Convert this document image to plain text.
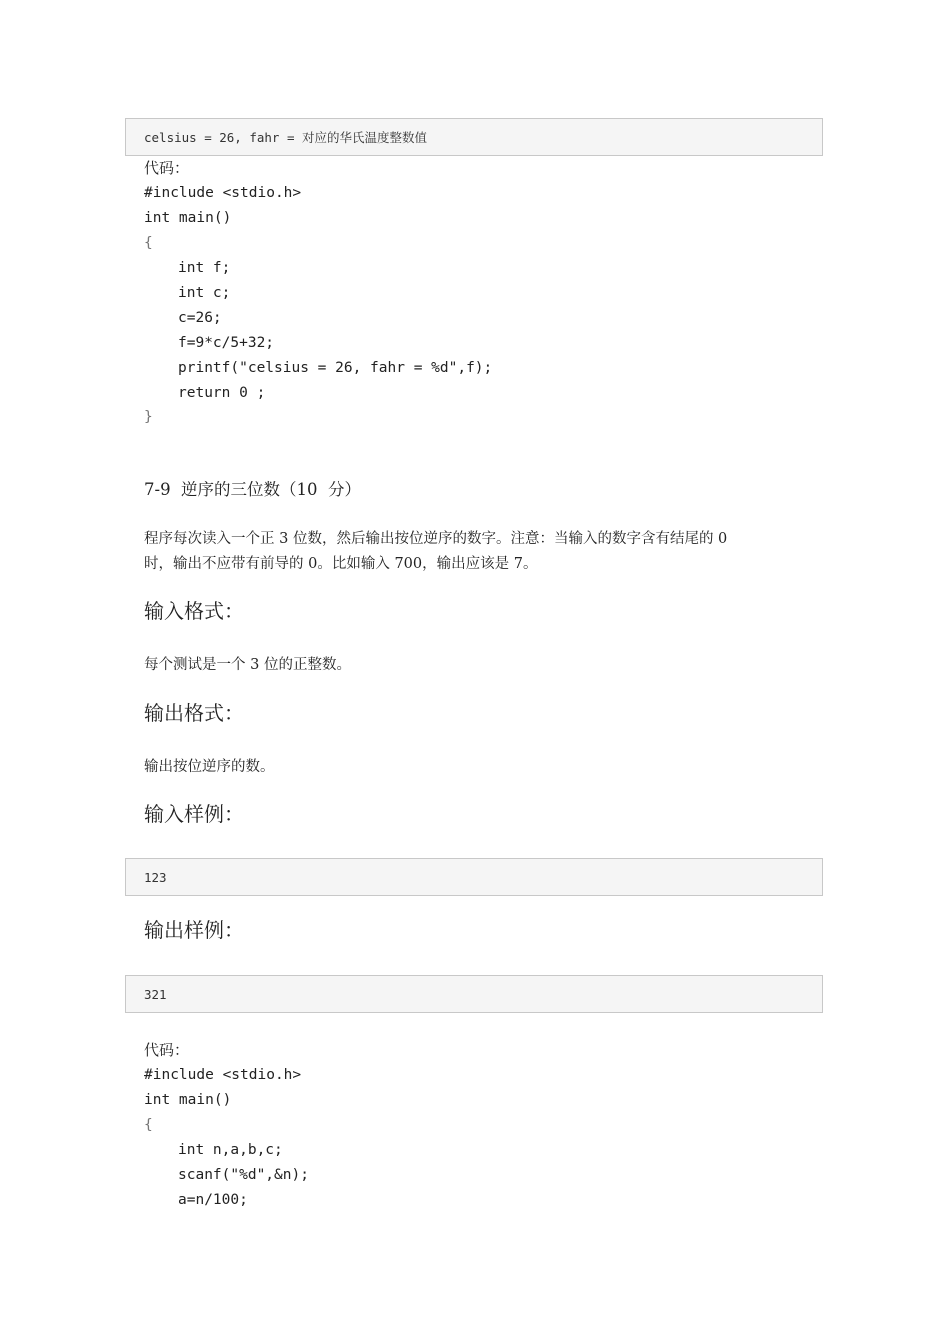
celsius = 26, fahr = 对应的华氏温度整数值
代码：
#include <stdio.h>
int main()
{
int f;
int c;
c=26;
f=9*c/5+32;
printf("celsius = 26, fahr = %d",f);
return 0 ;
}
7-9  逆序的三位数（10  分）
程序每次读入一个正 3 位数，然后输出按位逆序的数字。注意：当输入的数字含有结尾的 0
时，输出不应带有前导的 0。比如输入 700，输出应该是 7。
输入格式：
每个测试是一个 3 位的正整数。
输出格式：
输出按位逆序的数。
输入样例：
123
输出样例：
321
代码：
#include <stdio.h>
int main()
{
int n,a,b,c;
scanf("%d",&n);
a=n/100;
